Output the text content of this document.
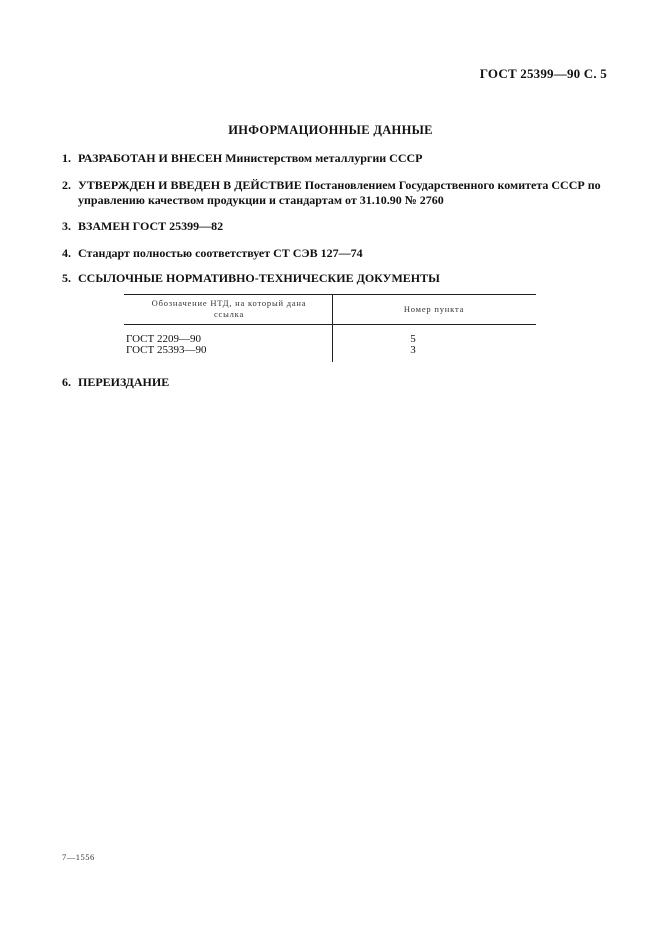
ГОСТ 25399—90 С. 5
ИНФОРМАЦИОННЫЕ ДАННЫЕ
1. РАЗРАБОТАН И ВНЕСЕН Министерством металлургии СССР
2. УТВЕРЖДЕН И ВВЕДЕН В ДЕЙСТВИЕ Постановлением Государственного комитета СССР по
управлению качеством продукции и стандартам от 31.10.90 № 2760
3. ВЗАМЕН ГОСТ 25399—82
4. Стандарт полностью соответствует СТ СЭВ 127—74
5. ССЫЛОЧНЫЕ НОРМАТИВНО-ТЕХНИЧЕСКИЕ ДОКУМЕНТЫ
Обозначение НТД, на который дана ссылка	Номер пункта
ГОСТ 2209—90	5
ГОСТ 25393—90	3
6. ПЕРЕИЗДАНИЕ
7—1556
